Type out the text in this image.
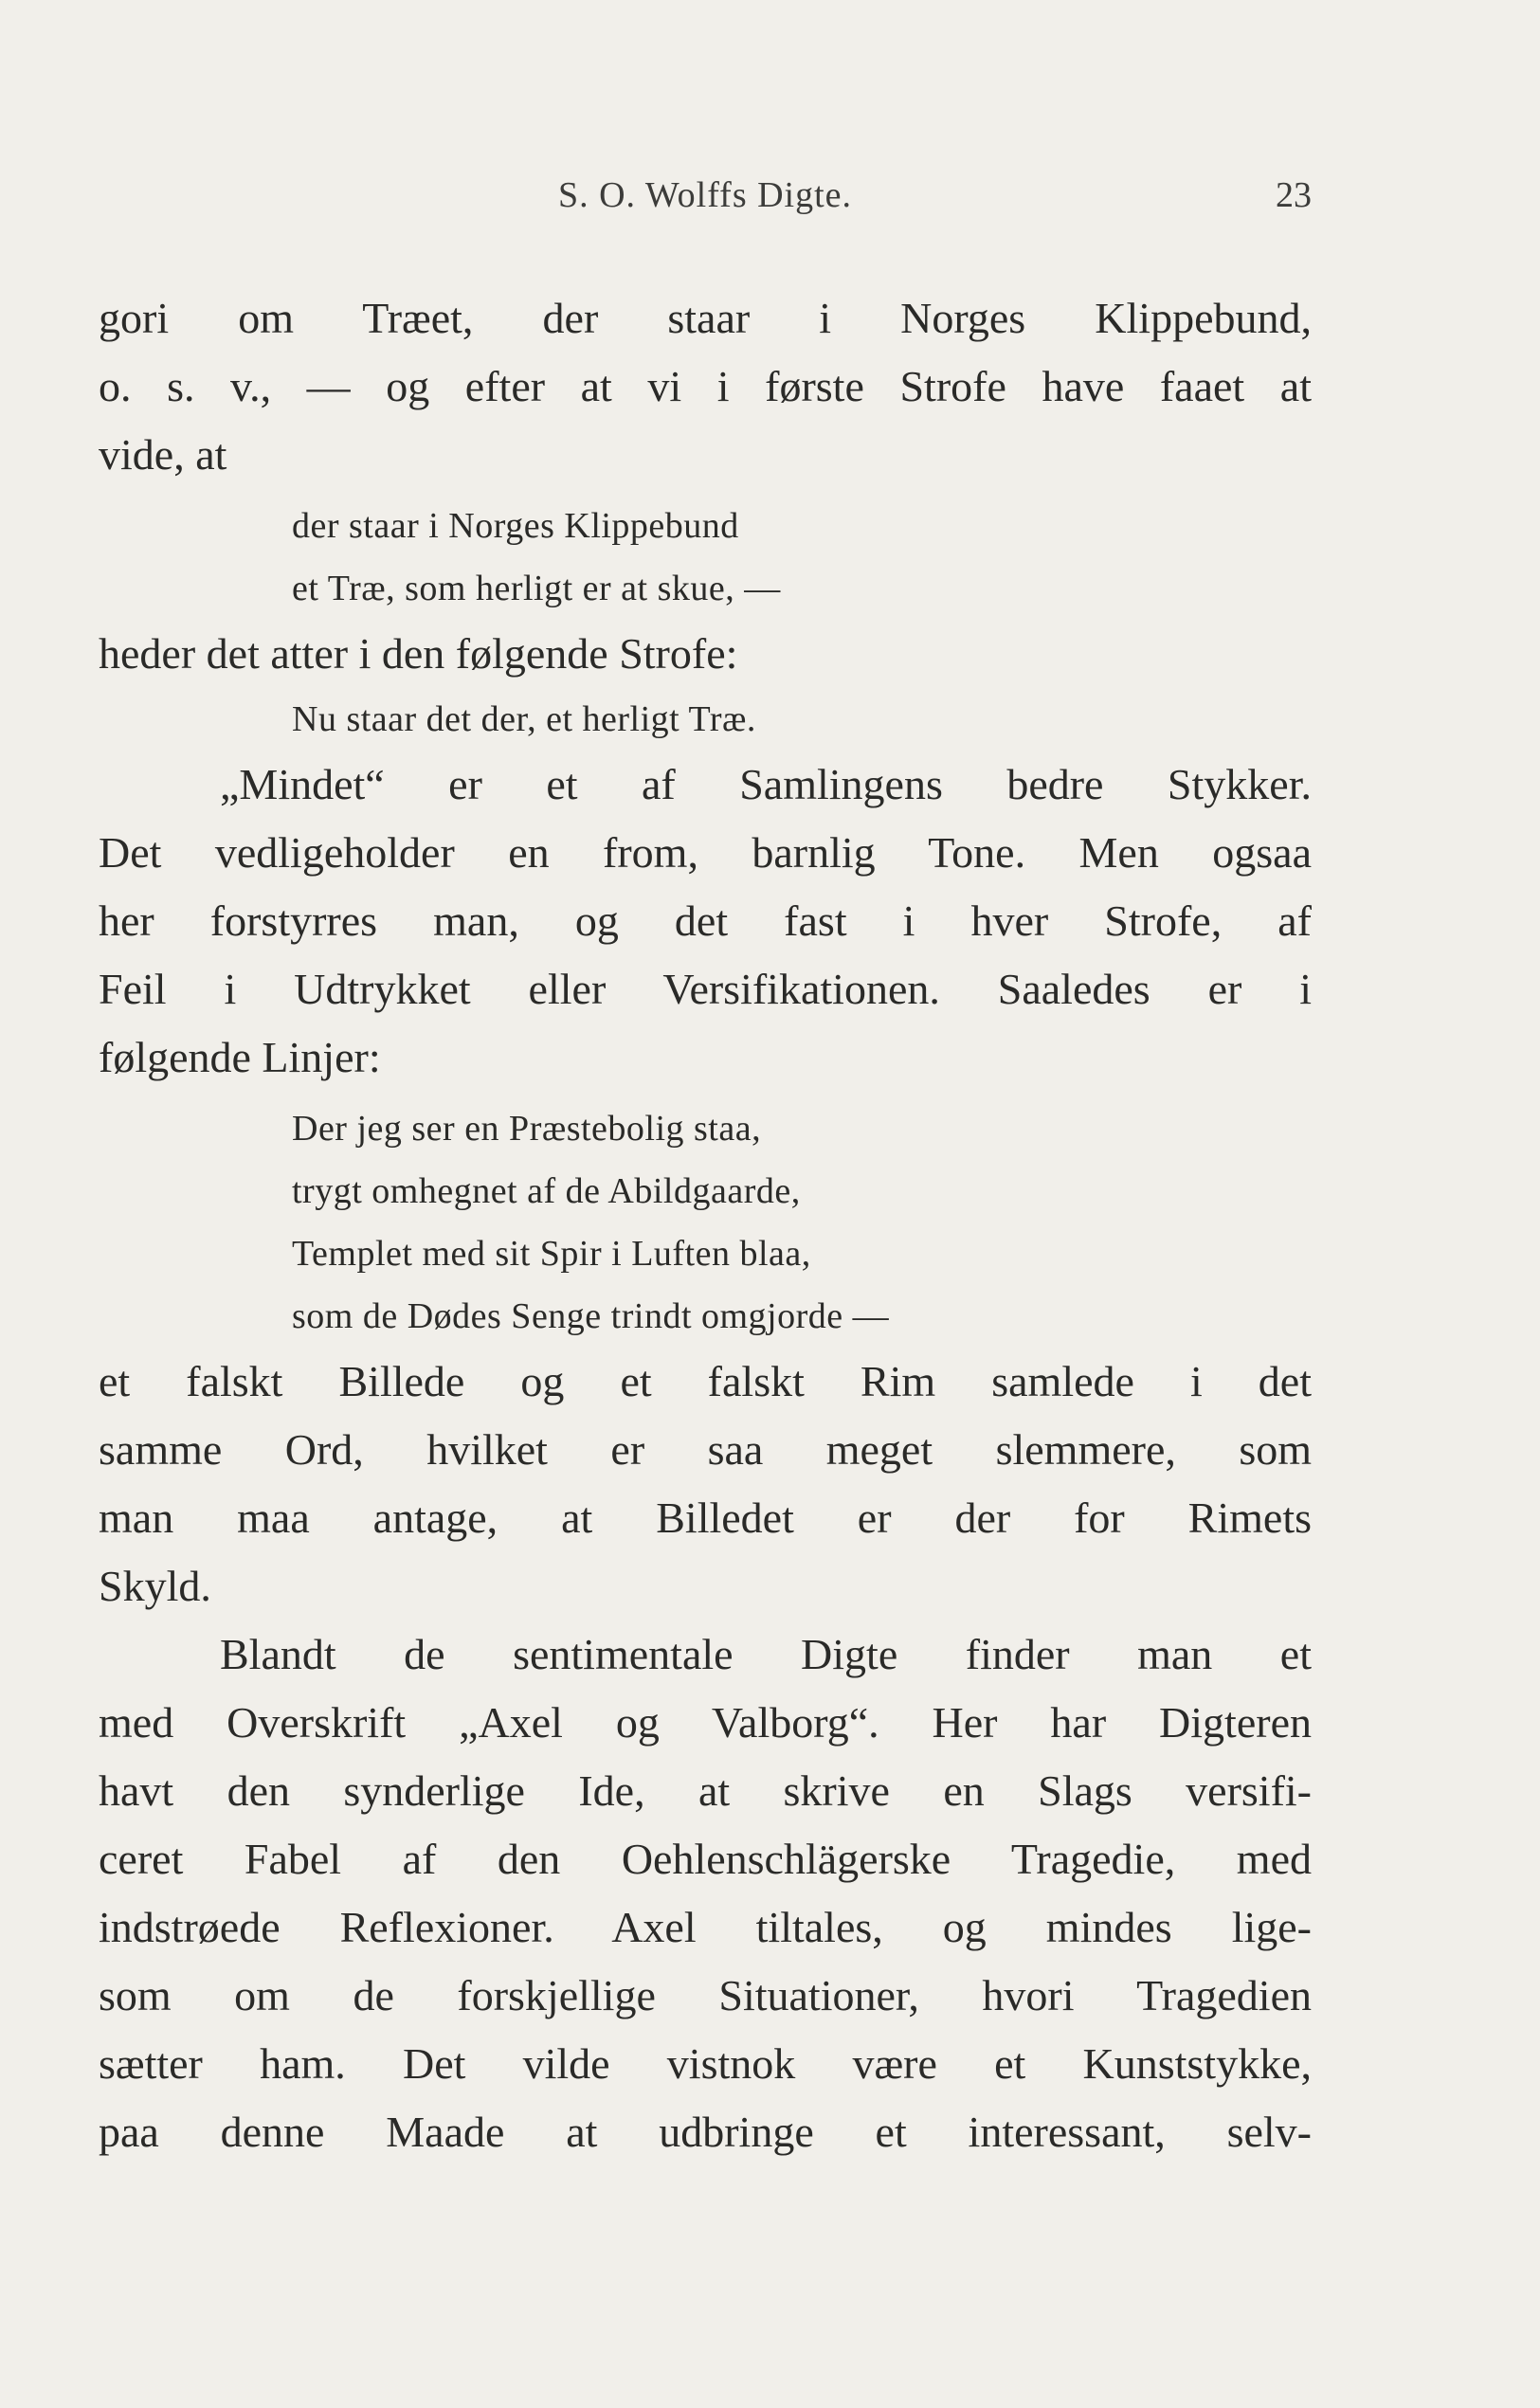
S. O. Wolffs Digte.	23
gori om Træet, der staar i Norges Klippebund,
o. s. v., — og efter at vi i første Strofe have faaet at
vide, at
der staar i Norges Klippebund
et Træ, som herligt er at skue, —
heder det atter i den følgende Strofe:
Nu staar det der, et herligt Træ.
„Mindet“ er et af Samlingens bedre Stykker.
Det vedligeholder en from, barnlig Tone. Men ogsaa
her forstyrres man, og det fast i hver Strofe, af
Feil i Udtrykket eller Versifikationen. Saaledes er i
følgende Linjer:
Der jeg ser en Præstebolig staa,
trygt omhegnet af de Abildgaarde,
Templet med sit Spir i Luften blaa,
som de Dødes Senge trindt omgjorde —
et falskt Billede og et falskt Rim samlede i det
samme Ord, hvilket er saa meget slemmere, som
man maa antage, at Billedet er der for Rimets
Skyld.
Blandt de sentimentale Digte finder man et
med Overskrift „Axel og Valborg“. Her har Digteren
havt den synderlige Ide, at skrive en Slags versifi-
ceret Fabel af den Oehlenschlägerske Tragedie, med
indstrøede Reflexioner. Axel tiltales, og mindes lige-
som om de forskjellige Situationer, hvori Tragedien
sætter ham. Det vilde vistnok være et Kunststykke,
paa denne Maade at udbringe et interessant, selv-
